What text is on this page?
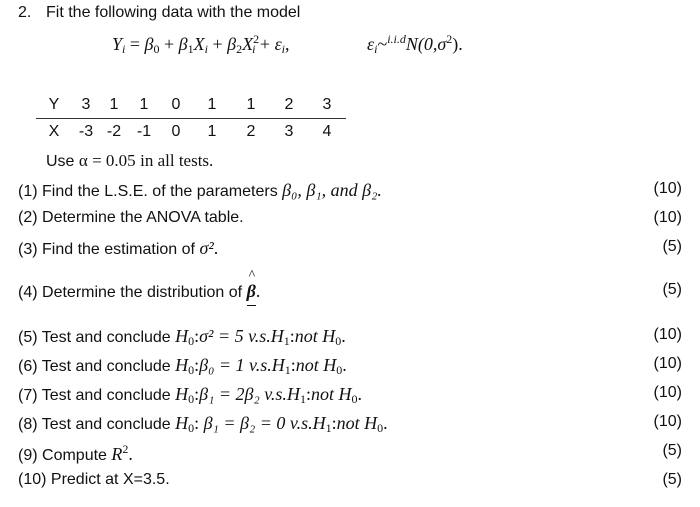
2. Fit the following data with the model
$Y_i = \beta_0 + \beta_1X_i + \beta_2X^2_i + \varepsilon_i$,	$\varepsilon_i\sim^{i.i.d}N(0,\sigma^2)$.
Y	3	1	1	0	1	1	2	3
X	-3	-2	-1	0	1	2	3	4
Use α = 0.05 in all tests.
(1) Find the L.S.E. of the parameters β₀, β₁, and β₂.	(10)
(2) Determine the ANOVA table.	(10)
(3) Find the estimation of σ².	(5)
(4) Determine the distribution of ^ β.	(5)
(5) Test and conclude $H_0:\sigma^2 = 5$ $v.s.H_1:not$ $H_0$.	(10)
(6) Test and conclude $H_0:\beta_0 = 1$ $v.s.H_1:not$ $H_0$.	(10)
(7) Test and conclude $H_0:\beta_1 = 2\beta_2$ $v.s.H_1:not$ $H_0$.	(10)
(8) Test and conclude $H_0$: β₁ = β₂ = 0 $v.s.H_1:not$ $H_0$.	(10)
(9) Compute $R^2$.	(5)
(10) Predict at X=3.5.	(5)
